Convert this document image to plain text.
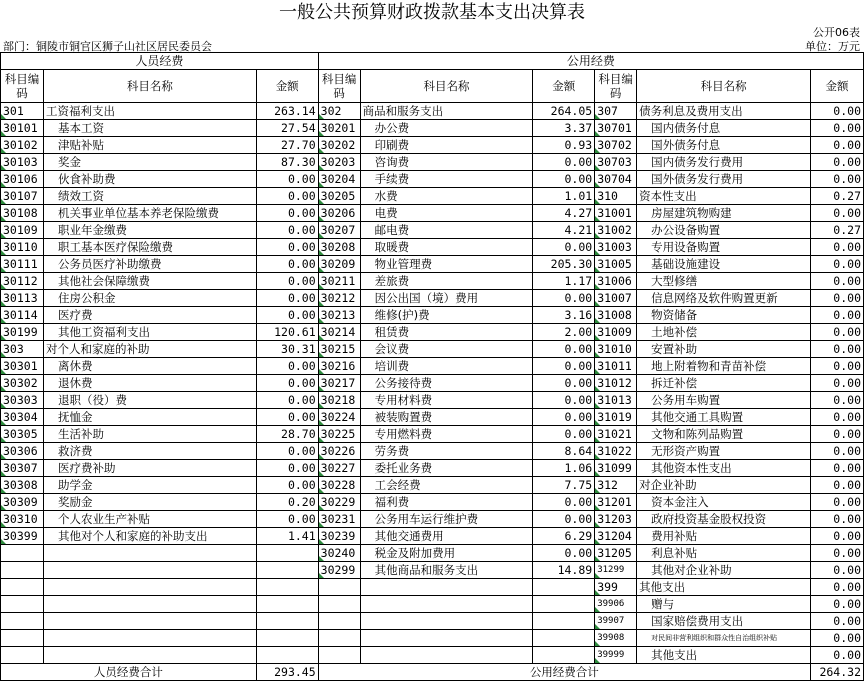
一般公共预算财政拨款基本支出决算表
公开06表
部门：铜陵市铜官区狮子山社区居民委员会	单位：万元
人员经费			公用经费					
科目编码	科目名称	金额	科目编码	科目名称	金额	科目编码	科目名称	金额
301	工资福利支出	263.14	302	商品和服务支出	264.05	307	债务利息及费用支出	0.00
30101	基本工资	27.54	30201	办公费	3.37	30701	国内债务付息	0.00
30102	津贴补贴	27.70	30202	印刷费	0.93	30702	国外债务付息	0.00
30103	奖金	87.30	30203	咨询费	0.00	30703	国内债务发行费用	0.00
30106	伙食补助费	0.00	30204	手续费	0.00	30704	国外债务发行费用	0.00
30107	绩效工资	0.00	30205	水费	1.01	310	资本性支出	0.27
30108	机关事业单位基本养老保险缴费	0.00	30206	电费	4.27	31001	房屋建筑物购建	0.00
30109	职业年金缴费	0.00	30207	邮电费	4.21	31002	办公设备购置	0.27
30110	职工基本医疗保险缴费	0.00	30208	取暖费	0.00	31003	专用设备购置	0.00
30111	公务员医疗补助缴费	0.00	30209	物业管理费	205.30	31005	基础设施建设	0.00
30112	其他社会保障缴费	0.00	30211	差旅费	1.17	31006	大型修缮	0.00
30113	住房公积金	0.00	30212	因公出国（境）费用	0.00	31007	信息网络及软件购置更新	0.00
30114	医疗费	0.00	30213	维修(护)费	3.16	31008	物资储备	0.00
30199	其他工资福利支出	120.61	30214	租赁费	2.00	31009	土地补偿	0.00
303	对个人和家庭的补助	30.31	30215	会议费	0.00	31010	安置补助	0.00
30301	离休费	0.00	30216	培训费	0.00	31011	地上附着物和青苗补偿	0.00
30302	退休费	0.00	30217	公务接待费	0.00	31012	拆迁补偿	0.00
30303	退职（役）费	0.00	30218	专用材料费	0.00	31013	公务用车购置	0.00
30304	抚恤金	0.00	30224	被装购置费	0.00	31019	其他交通工具购置	0.00
30305	生活补助	28.70	30225	专用燃料费	0.00	31021	文物和陈列品购置	0.00
30306	救济费	0.00	30226	劳务费	8.64	31022	无形资产购置	0.00
30307	医疗费补助	0.00	30227	委托业务费	1.06	31099	其他资本性支出	0.00
30308	助学金	0.00	30228	工会经费	7.75	312	对企业补助	0.00
30309	奖励金	0.20	30229	福利费	0.00	31201	资本金注入	0.00
30310	个人农业生产补贴	0.00	30231	公务用车运行维护费	0.00	31203	政府投资基金股权投资	0.00
30399	其他对个人和家庭的补助支出	1.41	30239	其他交通费用	6.29	31204	费用补贴	0.00
			30240	税金及附加费用	0.00	31205	利息补贴	0.00
			30299	其他商品和服务支出	14.89	31299	其他对企业补助	0.00
						399	其他支出	0.00
						39906	赠与	0.00
						39907	国家赔偿费用支出	0.00
						39908	对民间非营利组织和群众性自治组织补贴	0.00
						39999	其他支出	0.00
人员经费合计		293.45	公用经费合计					264.32
